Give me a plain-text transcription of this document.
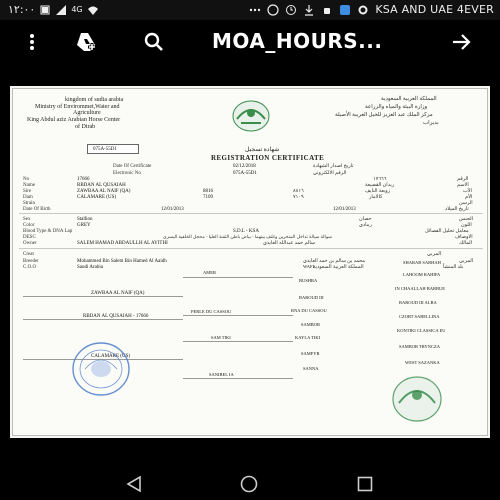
١٢:٠٠	4G	KSA AND UAE 4EVER
MOA_HOURS...
kingdom of sudia arabia
Ministry of Envirommet,Water and
Agriculture
King Abdul aziz Arabian Horse Center
of Dirab
المملكة العربية السعودية
وزارة البيئة والمياه والزراعة
مركز الملك عبد العزيز للخيل العربية الأصيلة
بديراب
075A-55D1	شهادة تسجيل
REGISTRATION CERTIFICATE
Date Of Certificate	02/12/2018	تاريخ اصدار الشهادة
Electronic No	075A-55D1	الرقم الالكتروني
No	17666	١٧٦٦٦	الرقم
Name	RBDAN AL QUSAIAH	ربدان القصيعة	الاسم
Sire	ZAWBAA AL NAIF (QA)	8816	٨٨١٦	زوبعة النايف	الأب
Dam	CALAMARE (US)	7109	٧١٠٩	كالامار	الأم
Strain	الرسن
Date Of Birth	12/01/2013	12/01/2013	تاريخ الميلاد
Sex	Stallion	حصان	الجنس
Color	GREY	رمادي	اللون
Blood Type & DNA Lap	S.D.L - KSA	معامل تحليل الفصائل
DESC	سوالة سيالة تداخل المنخرين وتلتف بينهما - بياض باطن الثفنة العليا - محجل الخلفية اليسرى	الاوصاف
Owner	SALEM HAMAD ABDAULLH AL AYITHI	سالم حمد عبدالله العايذي	المالك
Creat	المربي
Breeder	Mohammed Bin Salem Bin Hamed Al Aaidh	محمد بن سالم بن حمد العايذي	المربي
C.O.O	Saudi Arabia	المملكة العربية السعودية	بلد المنشأ
ZAWBAA AL NAIF (QA)
RBDAN AL QUSAIAH - 17666
CALAMARE (US)
AMER
PERLE DU CASSOU
SAM TIKI
SANIBEL IA
WAFI
BUSHRA
BAROUD III
RNA DU CASSOU
SAMBOR
KAYLA TIKI
SAMFYR
SANNA
SHARAB SARHAH
LAHOOM RAHIFA
IN CHAALLAH BARBUE
BAROUD III ALBA
CZORT SABELLINA
KONTIKI CLASSICA EU
SAMBOR TRYNCZA
WEST SAZANKA
